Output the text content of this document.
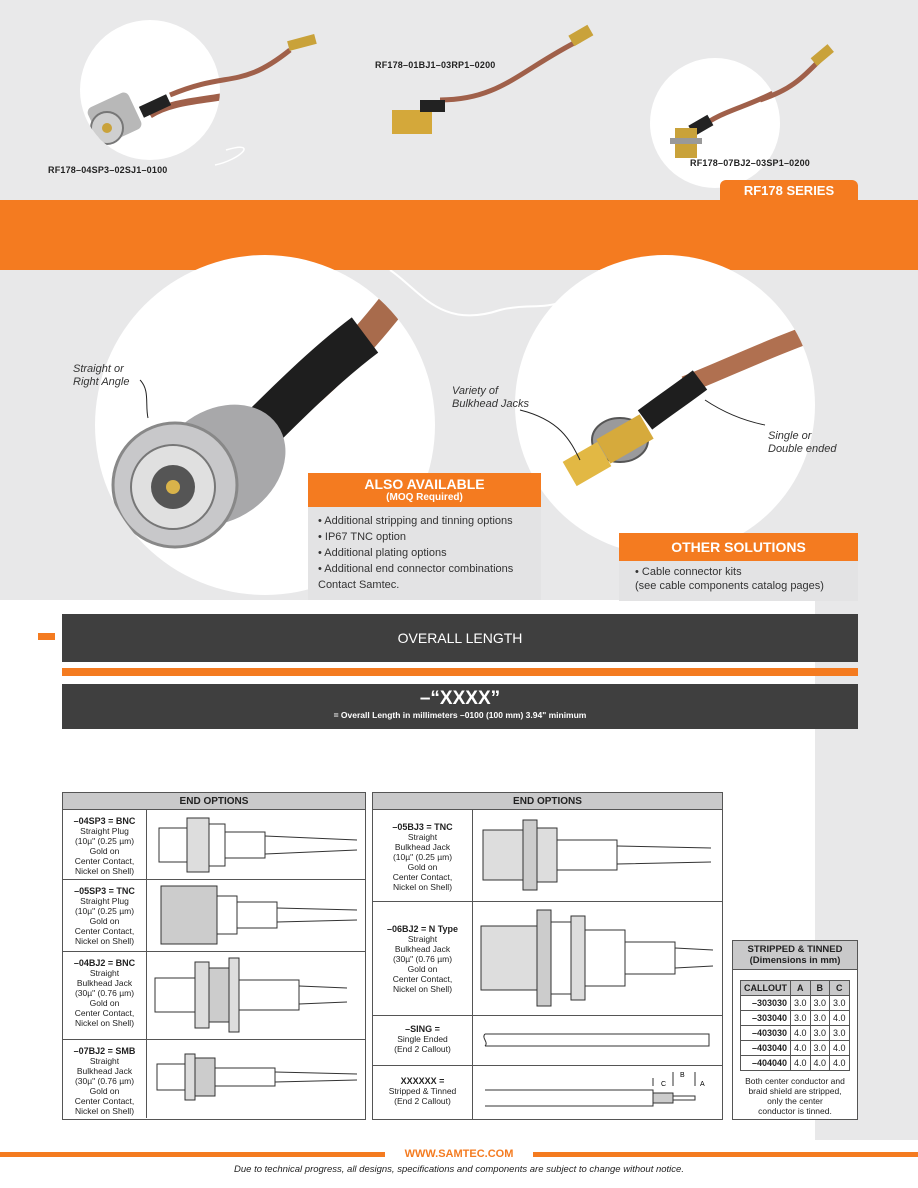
RF178–04SP3–02SJ1–0100
RF178–01BJ1–03RP1–0200
RF178–07BJ2–03SP1–0200
RF178 SERIES
Straight or
Right Angle
Variety of
Bulkhead Jacks
Single or
Double ended
ALSO AVAILABLE
(MOQ Required)
• Additional stripping and tinning options
• IP67 TNC option
• Additional plating options
• Additional end connector combinations
Contact Samtec.
OTHER SOLUTIONS
• Cable connector kits
(see cable components catalog pages)
OVERALL LENGTH
–“XXXX”
= Overall Length in millimeters –0100 (100 mm) 3.94" minimum
END OPTIONS
–04SP3 = BNC
Straight Plug
(10µ" (0.25 µm)
Gold on
Center Contact,
Nickel on Shell)
–05SP3 = TNC
Straight Plug
(10µ" (0.25 µm)
Gold on
Center Contact,
Nickel on Shell)
–04BJ2 = BNC
Straight
Bulkhead Jack
(30µ" (0.76 µm)
Gold on
Center Contact,
Nickel on Shell)
–07BJ2 = SMB
Straight
Bulkhead Jack
(30µ" (0.76 µm)
Gold on
Center Contact,
Nickel on Shell)
END OPTIONS
–05BJ3 = TNC
Straight
Bulkhead Jack
(10µ" (0.25 µm)
Gold on
Center Contact,
Nickel on Shell)
–06BJ2 = N Type
Straight
Bulkhead Jack
(30µ" (0.76 µm)
Gold on
Center Contact,
Nickel on Shell)
–SING =
Single Ended
(End 2 Callout)
XXXXXX =
Stripped & Tinned
(End 2 Callout)
B
C	A
STRIPPED & TINNED
(Dimensions in mm)
CALLOUT	A	B	C
–303030	3.0	3.0	3.0
–303040	3.0	3.0	4.0
–403030	4.0	3.0	3.0
–403040	4.0	3.0	4.0
–404040	4.0	4.0	4.0
Both center conductor and
braid shield are stripped,
only the center
conductor is tinned.
WWW.SAMTEC.COM
Due to technical progress, all designs, specifications and components are subject to change without notice.
